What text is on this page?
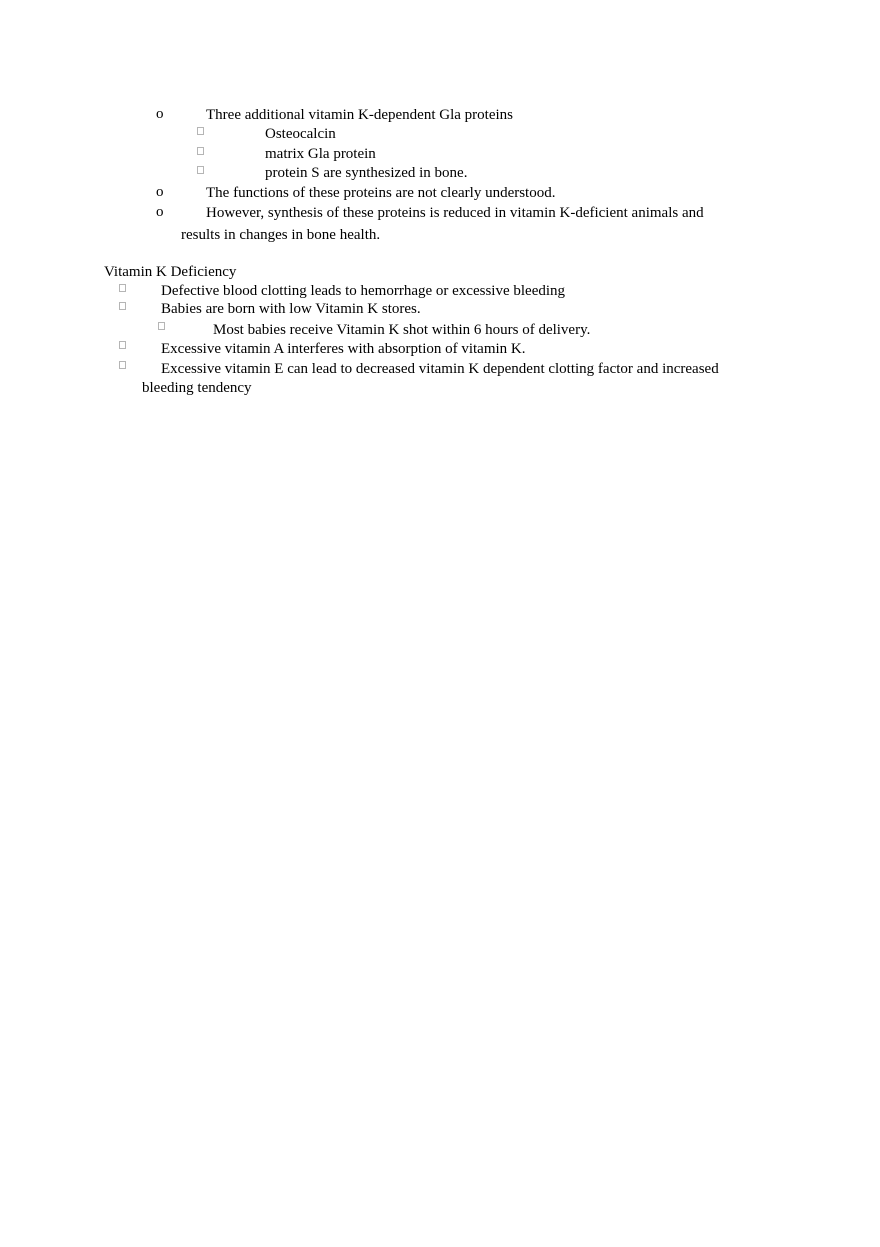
o	Three additional vitamin K-dependent Gla proteins
Osteocalcin
matrix Gla protein
protein S are synthesized in bone.
o	The functions of these proteins are not clearly understood.
o	However, synthesis of these proteins is reduced in vitamin K-deficient animals and
results in changes in bone health.
Vitamin K Deficiency
Defective blood clotting leads to hemorrhage or excessive bleeding
Babies are born with low Vitamin K stores.
Most babies receive Vitamin K shot within 6 hours of delivery.
Excessive vitamin A interferes with absorption of vitamin K.
Excessive vitamin E can lead to decreased vitamin K dependent clotting factor and increased
bleeding tendency
